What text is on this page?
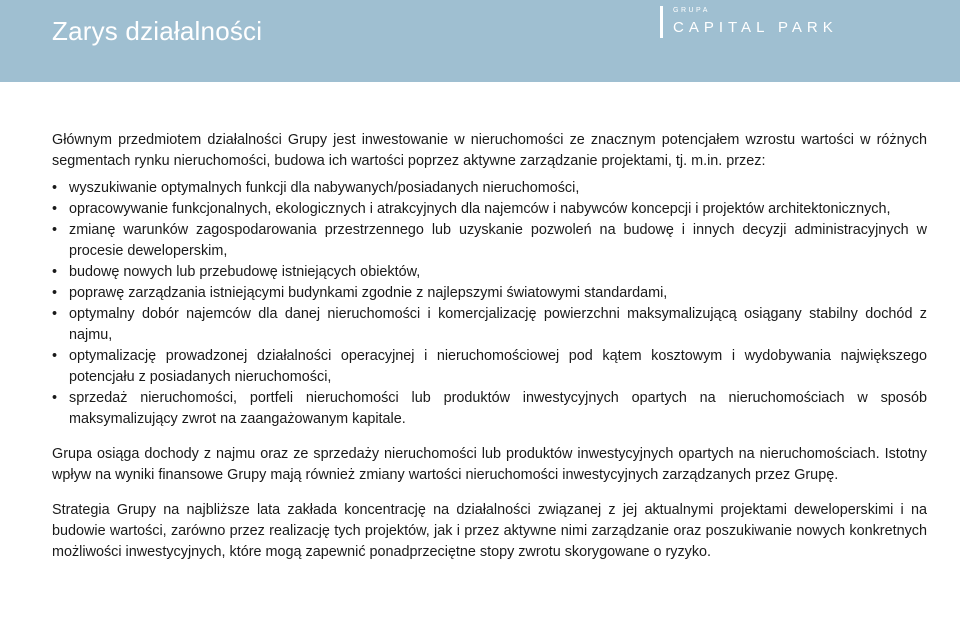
Zarys działalności
GRUPA
CAPITAL PARK

Głównym przedmiotem działalności Grupy jest inwestowanie w nieruchomości ze znacznym potencjałem wzrostu wartości w różnych segmentach rynku nieruchomości, budowa ich wartości poprzez aktywne zarządzanie projektami, tj. m.in. przez:

• wyszukiwanie optymalnych funkcji dla nabywanych/posiadanych nieruchomości,
• opracowywanie funkcjonalnych, ekologicznych i atrakcyjnych dla najemców i nabywców koncepcji i projektów architektonicznych,
• zmianę warunków zagospodarowania przestrzennego lub uzyskanie pozwoleń na budowę i innych decyzji administracyjnych w procesie deweloperskim,
• budowę nowych lub przebudowę istniejących obiektów,
• poprawę zarządzania istniejącymi budynkami zgodnie z najlepszymi światowymi standardami,
• optymalny dobór najemców dla danej nieruchomości i komercjalizację powierzchni maksymalizującą osiągany stabilny dochód z najmu,
• optymalizację prowadzonej działalności operacyjnej i nieruchomościowej pod kątem kosztowym i wydobywania największego potencjału z posiadanych nieruchomości,
• sprzedaż nieruchomości, portfeli nieruchomości lub produktów inwestycyjnych opartych na nieruchomościach w sposób maksymalizujący zwrot na zaangażowanym kapitale.

Grupa osiąga dochody z najmu oraz ze sprzedaży nieruchomości lub produktów inwestycyjnych opartych na nieruchomościach. Istotny wpływ na wyniki finansowe Grupy mają również zmiany wartości nieruchomości inwestycyjnych zarządzanych przez Grupę.

Strategia Grupy na najbliższe lata zakłada koncentrację na działalności związanej z jej aktualnymi projektami deweloperskimi i na budowie wartości, zarówno przez realizację tych projektów, jak i przez aktywne nimi zarządzanie oraz poszukiwanie nowych konkretnych możliwości inwestycyjnych, które mogą zapewnić ponadprzeciętne stopy zwrotu skorygowane o ryzyko.
